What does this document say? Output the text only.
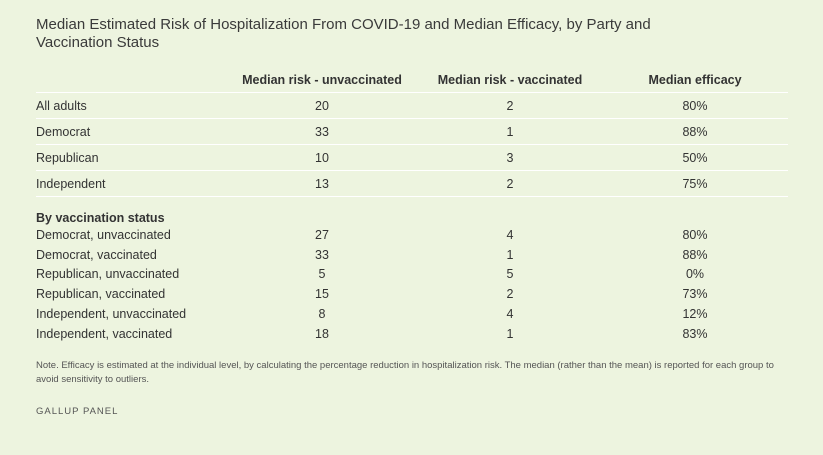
Median Estimated Risk of Hospitalization From COVID-19 and Median Efficacy, by Party and Vaccination Status
	Median risk - unvaccinated	Median risk - vaccinated	Median efficacy
All adults	20	2	80%
Democrat	33	1	88%
Republican	10	3	50%
Independent	13	2	75%
By vaccination status			
Democrat, unvaccinated	27	4	80%
Democrat, vaccinated	33	1	88%
Republican, unvaccinated	5	5	0%
Republican, vaccinated	15	2	73%
Independent, unvaccinated	8	4	12%
Independent, vaccinated	18	1	83%
Note. Efficacy is estimated at the individual level, by calculating the percentage reduction in hospitalization risk. The median (rather than the mean) is reported for each group to avoid sensitivity to outliers.
GALLUP PANEL
